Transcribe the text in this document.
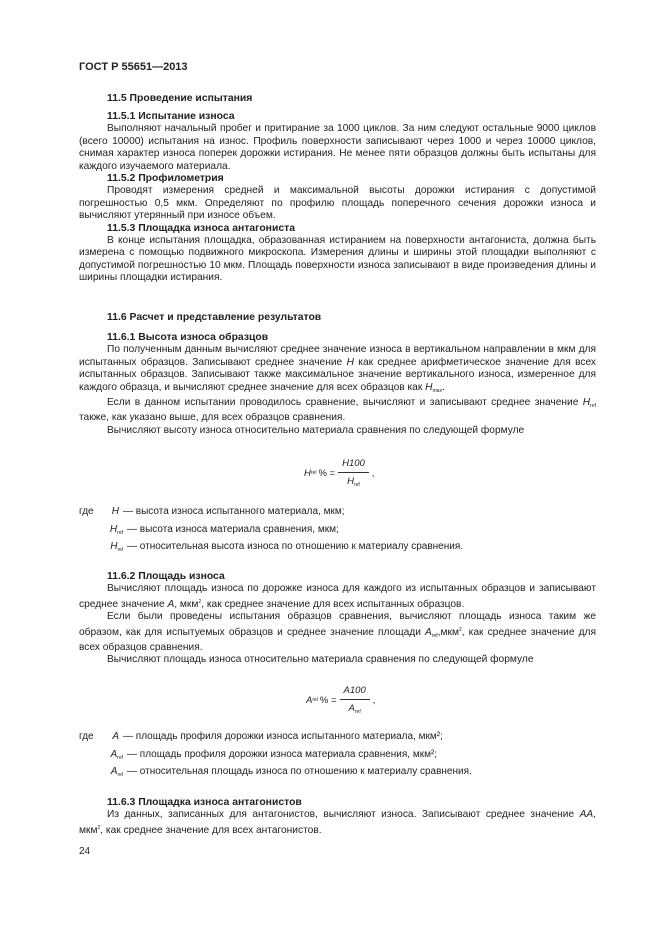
ГОСТ Р 55651—2013
11.5 Проведение испытания
11.5.1 Испытание износа

Выполняют начальный пробег и притирание за 1000 циклов. За ним следуют остальные 9000 циклов (всего 10000) испытания на износ. Профиль поверхности записывают через 1000 и через 10000 циклов, снимая характер износа поперек дорожки истирания. Не менее пяти образцов должны быть испытаны для каждого изучаемого материала.

11.5.2 Профилометрия

Проводят измерения средней и максимальной высоты дорожки истирания с допустимой погрешностью 0,5 мкм. Определяют по профилю площадь поперечного сечения дорожки износа и вычисляют утерянный при износе объем.

11.5.3 Площадка износа антагониста

В конце испытания площадка, образованная истиранием на поверхности антагониста, должна быть измерена с помощью подвижного микроскопа. Измерения длины и ширины этой площадки выполняют с допустимой погрешностью 10 мкм. Площадь поверхности износа записывают в виде произведения длины и ширины площадки истирания.

11.6 Расчет и представление результатов
11.6.1 Высота износа образцов

По полученным данным вычисляют среднее значение износа в вертикальном направлении в мкм для испытанных образцов. Записывают среднее значение H как среднее арифметическое значение для всех испытанных образцов. Записывают также максимальное значение вертикального износа, измеренное для каждого образца, и вычисляют среднее значение для всех образцов как $H_{max}$.

Если в данном испытании проводилось сравнение, вычисляют и записывают среднее значение $H_{ref}$ также, как указано выше, для всех образцов сравнения.

Вычисляют высоту износа относительно материала сравнения по следующей формуле

H rel % = $\frac{H100}{H_{ref}}$ ,
где	H — высота износа испытанного материала, мкм;
$H_{ref}$ — высота износа материала сравнения, мкм;
$H_{rel}$ — относительная высота износа по отношению к материалу сравнения.
11.6.2 Площадь износа

Вычисляют площадь износа по дорожке износа для каждого из испытанных образцов и записывают среднее значение A, мкм$^2$, как среднее значение для всех испытанных образцов.

Если были проведены испытания образцов сравнения, вычисляют площадь износа таким же образом, как для испытуемых образцов и среднее значение площади $A_{ref},мкм^2$, как среднее значение для всех образцов сравнения.

Вычисляют площадь износа относительно материала сравнения по следующей формуле

A rel % = $\frac{A100}{A_{ref}}$ ,
где	A — площадь профиля дорожки износа испытанного материала, мкм²;
$A_{ref}$ — площадь профиля дорожки износа материала сравнения, мкм²;
$A_{rel}$ — относительная площадь износа по отношению к материалу сравнения.
11.6.3 Площадка износа антагонистов

Из данных, записанных для антагонистов, вычисляют износа. Записывают среднее значение AA, мкм$^2$, как среднее значение для всех антагонистов.

24
